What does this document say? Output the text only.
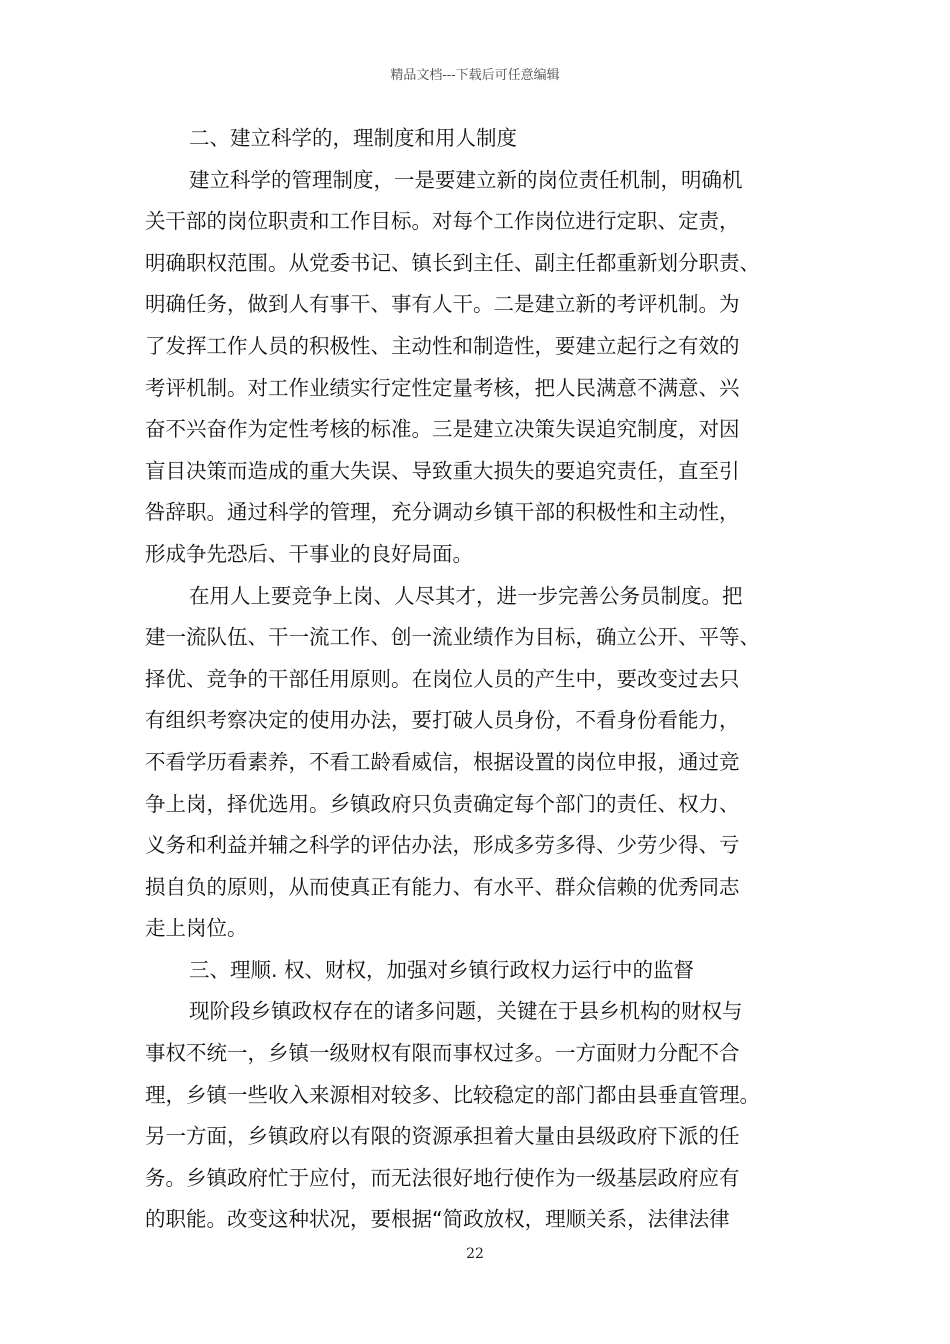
精品文档---下载后可任意编辑
二、建立科学的，理制度和用人制度
建立科学的管理制度，一是要建立新的岗位责任机制，明确机
关干部的岗位职责和工作目标。对每个工作岗位进行定职、定责，
明确职权范围。从党委书记、镇长到主任、副主任都重新划分职责、
明确任务，做到人有事干、事有人干。二是建立新的考评机制。为
了发挥工作人员的积极性、主动性和制造性，要建立起行之有效的
考评机制。对工作业绩实行定性定量考核，把人民满意不满意、兴
奋不兴奋作为定性考核的标准。三是建立决策失误追究制度，对因
盲目决策而造成的重大失误、导致重大损失的要追究责任，直至引
咎辞职。通过科学的管理，充分调动乡镇干部的积极性和主动性，
形成争先恐后、干事业的良好局面。
在用人上要竞争上岗、人尽其才，进一步完善公务员制度。把
建一流队伍、干一流工作、创一流业绩作为目标，确立公开、平等、
择优、竞争的干部任用原则。在岗位人员的产生中，要改变过去只
有组织考察决定的使用办法，要打破人员身份，不看身份看能力，
不看学历看素养，不看工龄看威信，根据设置的岗位申报，通过竞
争上岗，择优选用。乡镇政府只负责确定每个部门的责任、权力、
义务和利益并辅之科学的评估办法，形成多劳多得、少劳少得、亏
损自负的原则，从而使真正有能力、有水平、群众信赖的优秀同志
走上岗位。
三、理顺. 权、财权，加强对乡镇行政权力运行中的监督
现阶段乡镇政权存在的诸多问题，关键在于县乡机构的财权与
事权不统一，乡镇一级财权有限而事权过多。一方面财力分配不合
理，乡镇一些收入来源相对较多、比较稳定的部门都由县垂直管理。
另一方面，乡镇政府以有限的资源承担着大量由县级政府下派的任
务。乡镇政府忙于应付，而无法很好地行使作为一级基层政府应有
的职能。改变这种状况，要根据“简政放权，理顺关系，法律法律
22
